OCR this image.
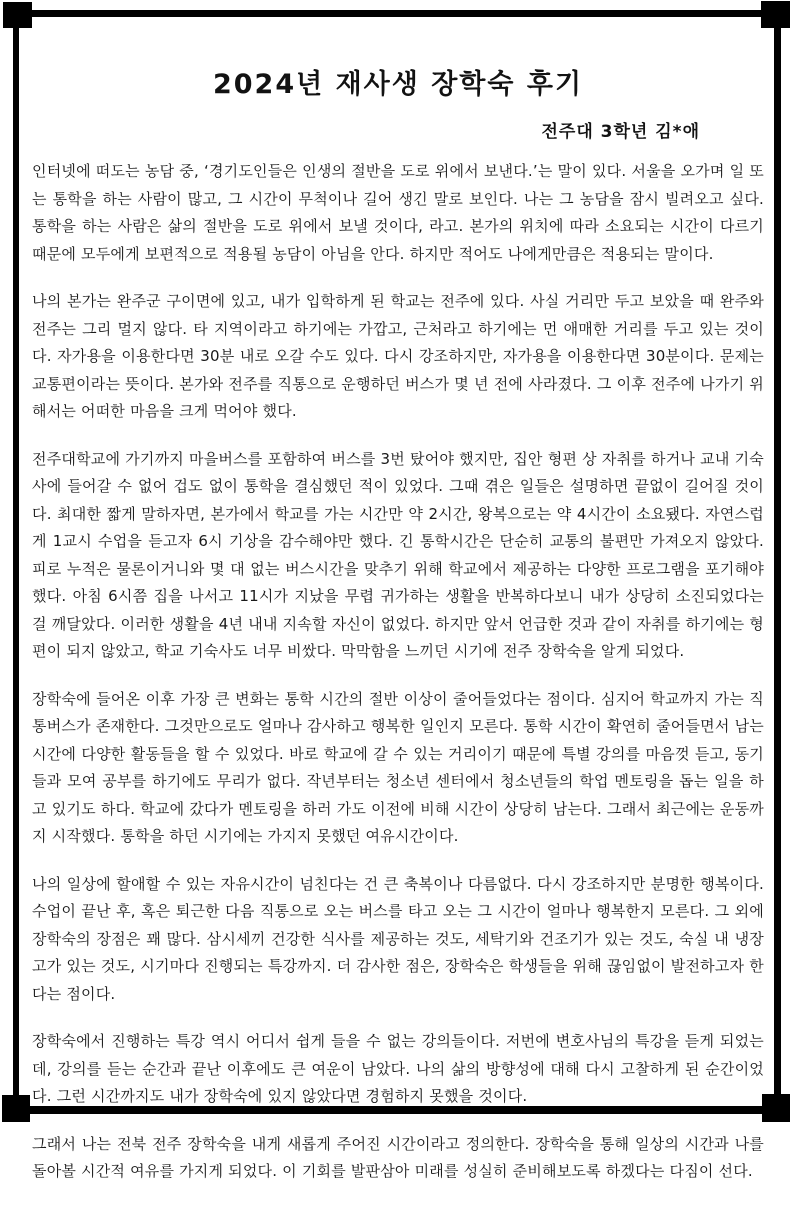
2024년 재사생 장학숙 후기
전주대 3학년 김*애

인터넷에 떠도는 농담 중, ‘경기도인들은 인생의 절반을 도로 위에서 보낸다.’는 말이 있다. 서울을 오가며 일 또는 통학을 하는 사람이 많고, 그 시간이 무척이나 길어 생긴 말로 보인다. 나는 그 농담을 잠시 빌려오고 싶다. 통학을 하는 사람은 삶의 절반을 도로 위에서 보낼 것이다, 라고. 본가의 위치에 따라 소요되는 시간이 다르기 때문에 모두에게 보편적으로 적용될 농담이 아님을 안다. 하지만 적어도 나에게만큼은 적용되는 말이다.

나의 본가는 완주군 구이면에 있고, 내가 입학하게 된 학교는 전주에 있다. 사실 거리만 두고 보았을 때 완주와 전주는 그리 멀지 않다. 타 지역이라고 하기에는 가깝고, 근처라고 하기에는 먼 애매한 거리를 두고 있는 것이다. 자가용을 이용한다면 30분 내로 오갈 수도 있다. 다시 강조하지만, 자가용을 이용한다면 30분이다. 문제는 교통편이라는 뜻이다. 본가와 전주를 직통으로 운행하던 버스가 몇 년 전에 사라졌다. 그 이후 전주에 나가기 위해서는 어떠한 마음을 크게 먹어야 했다.

전주대학교에 가기까지 마을버스를 포함하여 버스를 3번 탔어야 했지만, 집안 형편 상 자취를 하거나 교내 기숙사에 들어갈 수 없어 겁도 없이 통학을 결심했던 적이 있었다. 그때 겪은 일들은 설명하면 끝없이 길어질 것이다. 최대한 짧게 말하자면, 본가에서 학교를 가는 시간만 약 2시간, 왕복으로는 약 4시간이 소요됐다. 자연스럽게 1교시 수업을 듣고자 6시 기상을 감수해야만 했다. 긴 통학시간은 단순히 교통의 불편만 가져오지 않았다. 피로 누적은 물론이거니와 몇 대 없는 버스시간을 맞추기 위해 학교에서 제공하는 다양한 프로그램을 포기해야 했다. 아침 6시쯤 집을 나서고 11시가 지났을 무렵 귀가하는 생활을 반복하다보니 내가 상당히 소진되었다는 걸 깨달았다. 이러한 생활을 4년 내내 지속할 자신이 없었다. 하지만 앞서 언급한 것과 같이 자취를 하기에는 형편이 되지 않았고, 학교 기숙사도 너무 비쌌다. 막막함을 느끼던 시기에 전주 장학숙을 알게 되었다.

장학숙에 들어온 이후 가장 큰 변화는 통학 시간의 절반 이상이 줄어들었다는 점이다. 심지어 학교까지 가는 직통버스가 존재한다. 그것만으로도 얼마나 감사하고 행복한 일인지 모른다. 통학 시간이 확연히 줄어들면서 남는 시간에 다양한 활동들을 할 수 있었다. 바로 학교에 갈 수 있는 거리이기 때문에 특별 강의를 마음껏 듣고, 동기들과 모여 공부를 하기에도 무리가 없다. 작년부터는 청소년 센터에서 청소년들의 학업 멘토링을 돕는 일을 하고 있기도 하다. 학교에 갔다가 멘토링을 하러 가도 이전에 비해 시간이 상당히 남는다. 그래서 최근에는 운동까지 시작했다. 통학을 하던 시기에는 가지지 못했던 여유시간이다.

나의 일상에 할애할 수 있는 자유시간이 넘친다는 건 큰 축복이나 다름없다. 다시 강조하지만 분명한 행복이다. 수업이 끝난 후, 혹은 퇴근한 다음 직통으로 오는 버스를 타고 오는 그 시간이 얼마나 행복한지 모른다. 그 외에 장학숙의 장점은 꽤 많다. 삼시세끼 건강한 식사를 제공하는 것도, 세탁기와 건조기가 있는 것도, 숙실 내 냉장고가 있는 것도, 시기마다 진행되는 특강까지. 더 감사한 점은, 장학숙은 학생들을 위해 끊임없이 발전하고자 한다는 점이다.

장학숙에서 진행하는 특강 역시 어디서 쉽게 들을 수 없는 강의들이다. 저번에 변호사님의 특강을 듣게 되었는데, 강의를 듣는 순간과 끝난 이후에도 큰 여운이 남았다. 나의 삶의 방향성에 대해 다시 고찰하게 된 순간이었다. 그런 시간까지도 내가 장학숙에 있지 않았다면 경험하지 못했을 것이다.

그래서 나는 전북 전주 장학숙을 내게 새롭게 주어진 시간이라고 정의한다. 장학숙을 통해 일상의 시간과 나를 돌아볼 시간적 여유를 가지게 되었다. 이 기회를 발판삼아 미래를 성실히 준비해보도록 하겠다는 다짐이 선다.
